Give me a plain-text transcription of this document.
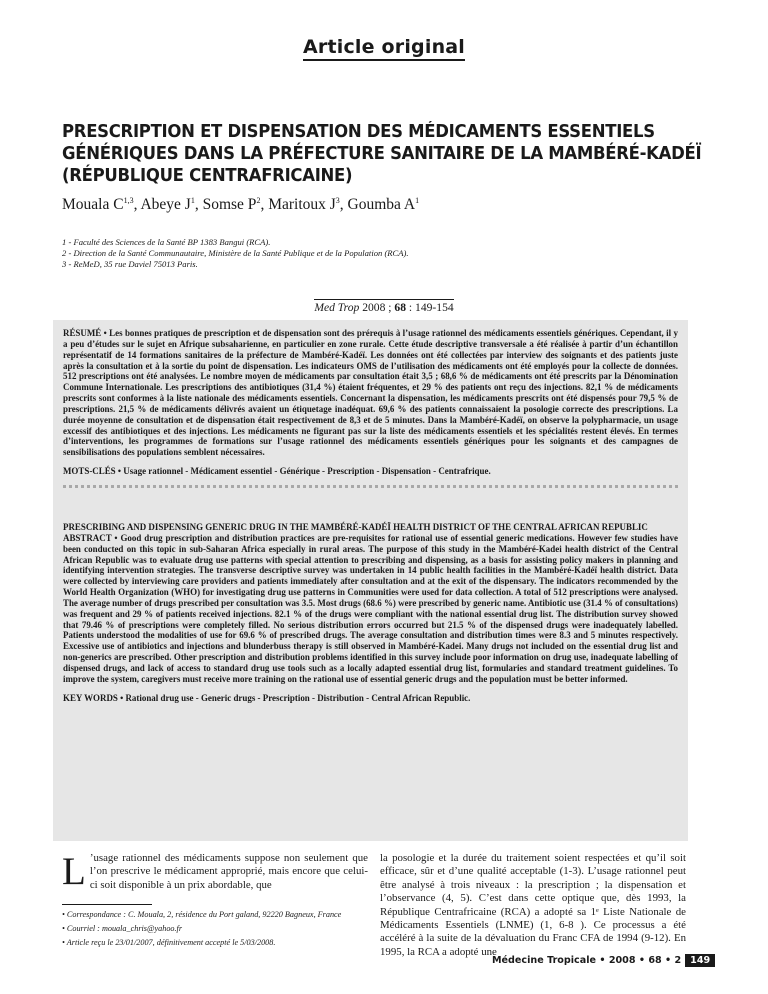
Article original
PRESCRIPTION ET DISPENSATION DES MÉDICAMENTS ESSENTIELS
GÉNÉRIQUES DANS LA PRÉFECTURE SANITAIRE DE LA MAMBÉRÉ-KADÉÏ
(RÉPUBLIQUE CENTRAFRICAINE)
Mouala C$^{1,3}$, Abeye $J^1$, Somse $P^2$, Maritoux $J^3$, Goumba $A^1$
1 - Faculté des Sciences de la Santé BP 1383 Bangui (RCA).
2 - Direction de la Santé Communautaire, Ministère de la Santé Publique et de la Population (RCA).
3 - ReMeD, 35 rue Daviel 75013 Paris.
Med Trop 2008 ; 68 : 149-154

RÉSUMÉ • Les bonnes pratiques de prescription et de dispensation sont des prérequis à l’usage rationnel des médicaments essentiels génériques. Cependant, il y a peu d’études sur le sujet en Afrique subsaharienne, en particulier en zone rurale. Cette étude descriptive transversale a été réalisée à partir d’un échantillon représentatif de 14 formations sanitaires de la préfecture de Mambéré-Kadéï. Les données ont été collectées par interview des soignants et des patients juste après la consultation et à la sortie du point de dispensation. Les indicateurs OMS de l’utilisation des médicaments ont été employés pour la collecte de données. 512 prescriptions ont été analysées. Le nombre moyen de médicaments par consultation était 3,5 ; 68,6 % de médicaments ont été prescrits par la Dénomination Commune Internationale. Les prescriptions des antibiotiques (31,4 %) étaient fréquentes, et 29 % des patients ont reçu des injections. 82,1 % de médicaments prescrits sont conformes à la liste nationale des médicaments essentiels. Concernant la dispensation, les médicaments prescrits ont été dispensés pour 79,5 % de prescriptions. 21,5 % de médicaments délivrés avaient un étiquetage inadéquat. 69,6 % des patients connaissaient la posologie correcte des prescriptions. La durée moyenne de consultation et de dispensation était respectivement de 8,3 et de 5 minutes. Dans la Mambéré-Kadéï, on observe la polypharmacie, un usage excessif des antibiotiques et des injections. Les médicaments ne figurant pas sur la liste des médicaments essentiels et les spécialités restent élevés. En termes d’interventions, les programmes de formations sur l’usage rationnel des médicaments essentiels génériques pour les soignants et des campagnes de sensibilisations des populations semblent nécessaires.

MOTS-CLÉS • Usage rationnel - Médicament essentiel - Générique - Prescription - Dispensation - Centrafrique.

PRESCRIBING AND DISPENSING GENERIC DRUG IN THE MAMBÉRÉ-KADÉÏ HEALTH DISTRICT OF THE CENTRAL AFRICAN REPUBLIC

ABSTRACT • Good drug prescription and distribution practices are pre-requisites for rational use of essential generic medications. However few studies have been conducted on this topic in sub-Saharan Africa especially in rural areas. The purpose of this study in the Mambéré-Kadei health district of the Central African Republic was to evaluate drug use patterns with special attention to prescribing and dispensing, as a basis for assisting policy makers in planning and identifying intervention strategies. The transverse descriptive survey was undertaken in 14 public health facilities in the Mambéré-Kadéï health district. Data were collected by interviewing care providers and patients immediately after consultation and at the exit of the dispensary. The indicators recommended by the World Health Organization (WHO) for investigating drug use patterns in Communities were used for data collection. A total of 512 prescriptions were analysed. The average number of drugs prescribed per consultation was 3.5. Most drugs (68.6 %) were prescribed by generic name. Antibiotic use (31.4 % of consultations) was frequent and 29 % of patients received injections. 82.1 % of the drugs were compliant with the national essential drug list. The distribution survey showed that 79.46 % of prescriptions were completely filled. No serious distribution errors occurred but 21.5 % of the dispensed drugs were inadequately labelled. Patients understood the modalities of use for 69.6 % of prescribed drugs. The average consultation and distribution times were 8.3 and 5 minutes respectively. Excessive use of antibiotics and injections and blunderbuss therapy is still observed in Mambéré-Kadei. Many drugs not included on the essential drug list and non-generics are prescribed. Other prescription and distribution problems identified in this survey include poor information on drug use, inadequate labelling of dispensed drugs, and lack of access to standard drug use tools such as a locally adapted essential drug list, formularies and standard treatment guidelines. To improve the system, caregivers must receive more training on the rational use of essential generic drugs and the population must be better informed.

KEY WORDS • Rational drug use - Generic drugs - Prescription - Distribution - Central African Republic.

L ’usage rationnel des médicaments suppose non seulement que l’on prescrive le médicament approprié, mais encore que celui-ci soit disponible à un prix abordable, que
• Correspondance : C. Mouala, 2, résidence du Port galand, 92220 Bagneux, France
• Courriel : mouala_chris@yahoo.fr
• Article reçu le 23/01/2007, définitivement accepté le 5/03/2008.
la posologie et la durée du traitement soient respectées et qu’il soit efficace, sûr et d’une qualité acceptable (1-3). L’usage rationnel peut être analysé à trois niveaux : la prescription ; la dispensation et l’observance (4, 5). C’est dans cette optique que, dès 1993, la République Centrafricaine (RCA) a adopté sa 1ᵉ Liste Nationale de Médicaments Essentiels (LNME) (1, 6-8 ). Ce processus a été accéléré à la suite de la dévaluation du Franc CFA de 1994 (9-12). En 1995, la RCA a adopté une
Médecine Tropicale • 2008 • 68 • 2 149
